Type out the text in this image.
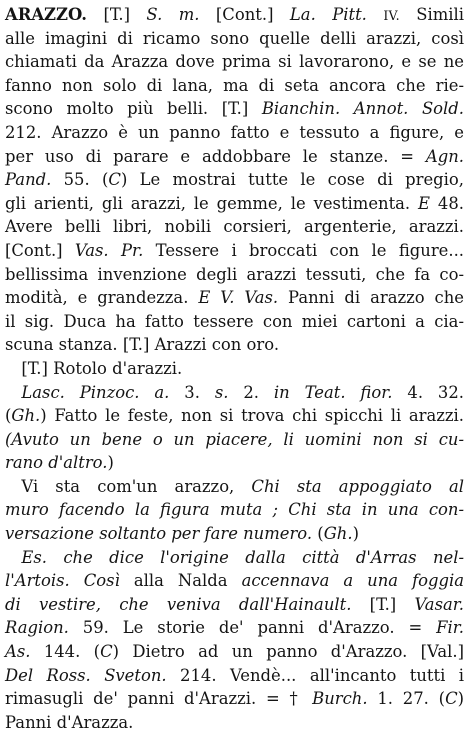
ARAZZO. [T.] S. m. [Cont.] La. Pitt. IV. Simili
alle imagini di ricamo sono quelle delli arazzi, così
chiamati da Arazza dove prima si lavorarono, e se ne
fanno non solo di lana, ma di seta ancora che rie-
scono molto più belli. [T.] Bianchin. Annot. Sold.
212. Arazzo è un panno fatto e tessuto a figure, e
per uso di parare e addobbare le stanze. = Agn.
Pand. 55. (C) Le mostrai tutte le cose di pregio,
gli arienti, gli arazzi, le gemme, le vestimenta. E 48.
Avere belli libri, nobili corsieri, argenterie, arazzi.
[Cont.] Vas. Pr. Tessere i broccati con le figure...
bellissima invenzione degli arazzi tessuti, che fa co-
modità, e grandezza. E V. Vas. Panni di arazzo che
il sig. Duca ha fatto tessere con miei cartoni a cia-
scuna stanza. [T.] Arazzi con oro.
 [T.] Rotolo d'arazzi.
 Lasc. Pinzoc. a. 3. s. 2. in Teat. fior. 4. 32.
(Gh.) Fatto le feste, non si trova chi spicchi li arazzi.
(Avuto un bene o un piacere, li uomini non si cu-
rano d'altro.)
 Vi sta com'un arazzo, Chi sta appoggiato al
muro facendo la figura muta ; Chi sta in una con-
versazione soltanto per fare numero. (Gh.)
 Es. che dice l'origine dalla città d'Arras nel-
l'Artois. Così alla Nalda accennava a una foggia
di vestire, che veniva dall'Hainault. [T.] Vasar.
Ragion. 59. Le storie de' panni d'Arazzo. = Fir.
As. 144. (C) Dietro ad un panno d'Arazzo. [Val.]
Del Ross. Sveton. 214. Vendè... all'incanto tutti i
rimasugli de' panni d'Arazzi. = † Burch. 1. 27. (C)
Panni d'Arazza.
